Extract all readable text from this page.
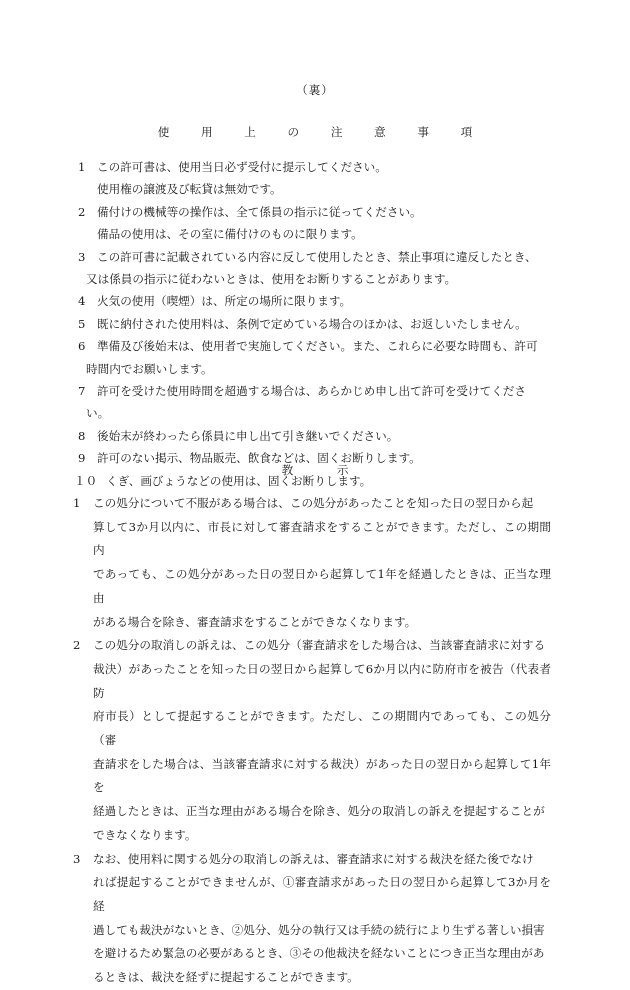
（裏）
使 用 上 の 注 意 事 項
1 この許可書は、使用当日必ず受付に提示してください。
使用権の譲渡及び転貸は無効です。
2 備付けの機械等の操作は、全て係員の指示に従ってください。
備品の使用は、その室に備付けのものに限ります。
3 この許可書に記載されている内容に反して使用したとき、禁止事項に違反したとき、
又は係員の指示に従わないときは、使用をお断りすることがあります。
4 火気の使用（喫煙）は、所定の場所に限ります。
5 既に納付された使用料は、条例で定めている場合のほかは、お返しいたしません。
6 準備及び後始末は、使用者で実施してください。また、これらに必要な時間も、許可
時間内でお願いします。
7 許可を受けた使用時間を超過する場合は、あらかじめ申し出て許可を受けてくださ
い。
8 後始末が終わったら係員に申し出て引き継いでください。
9 許可のない掲示、物品販売、飲食などは、固くお断りします。
１０ くぎ、画びょうなどの使用は、固くお断りします。
教 示
1 この処分について不服がある場合は、この処分があったことを知った日の翌日から起
算して3か月以内に、市長に対して審査請求をすることができます。ただし、この期間内
であっても、この処分があった日の翌日から起算して1年を経過したときは、正当な理由
がある場合を除き、審査請求をすることができなくなります。
2 この処分の取消しの訴えは、この処分（審査請求をした場合は、当該審査請求に対する
裁決）があったことを知った日の翌日から起算して6か月以内に防府市を被告（代表者　防
府市長）として提起することができます。ただし、この期間内であっても、この処分（審
査請求をした場合は、当該審査請求に対する裁決）があった日の翌日から起算して1年を
経過したときは、正当な理由がある場合を除き、処分の取消しの訴えを提起することが
できなくなります。
3 なお、使用料に関する処分の取消しの訴えは、審査請求に対する裁決を経た後でなけ
れば提起することができませんが、①審査請求があった日の翌日から起算して3か月を経
過しても裁決がないとき、②処分、処分の執行又は手続の続行により生ずる著しい損害
を避けるため緊急の必要があるとき、③その他裁決を経ないことにつき正当な理由があ
るときは、裁決を経ずに提起することができます。
